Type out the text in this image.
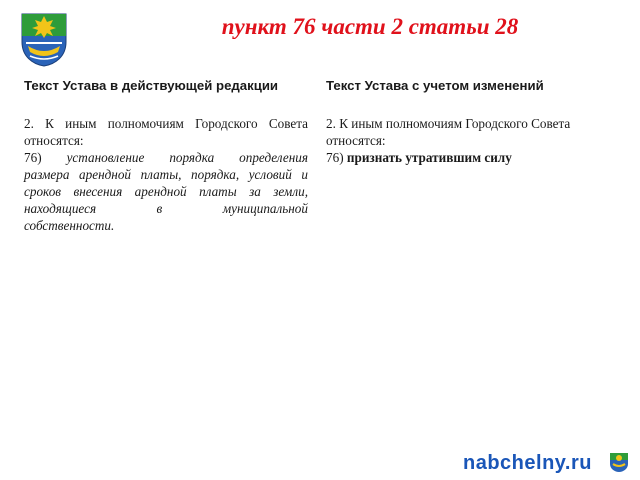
пункт 76 части 2 статьи 28
Текст Устава в действующей редакции
2. К иным полномочиям Городского Совета

относятся:

76) установление порядка определения
размера арендной платы, порядка, условий и
сроков внесения арендной платы за земли,
находящиеся в муниципальной

собственности.

Текст Устава с учетом изменений

2. К иным полномочиям Городского Совета

относятся:

76) признать утратившим силу

nabchelny.ru
